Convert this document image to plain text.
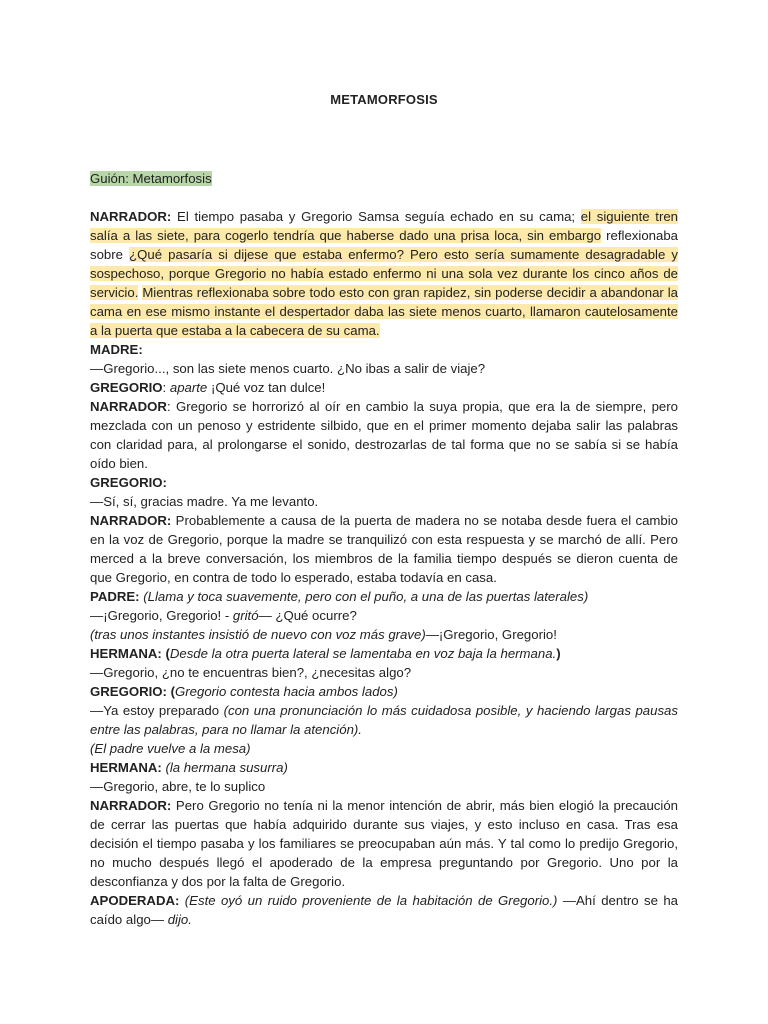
METAMORFOSIS

Guión: Metamorfosis

NARRADOR: El tiempo pasaba y Gregorio Samsa seguía echado en su cama; el siguiente tren salía a las siete, para cogerlo tendría que haberse dado una prisa loca, sin embargo reflexionaba sobre ¿Qué pasaría si dijese que estaba enfermo? Pero esto sería sumamente desagradable y sospechoso, porque Gregorio no había estado enfermo ni una sola vez durante los cinco años de servicio. Mientras reflexionaba sobre todo esto con gran rapidez, sin poderse decidir a abandonar la cama en ese mismo instante el despertador daba las siete menos cuarto, llamaron cautelosamente a la puerta que estaba a la cabecera de su cama.

MADRE:

—Gregorio..., son las siete menos cuarto. ¿No ibas a salir de viaje?

GREGORIO: aparte ¡Qué voz tan dulce!

NARRADOR: Gregorio se horrorizó al oír en cambio la suya propia, que era la de siempre, pero mezclada con un penoso y estridente silbido, que en el primer momento dejaba salir las palabras con claridad para, al prolongarse el sonido, destrozarlas de tal forma que no se sabía si se había oído bien.

GREGORIO:

—Sí, sí, gracias madre. Ya me levanto.

NARRADOR: Probablemente a causa de la puerta de madera no se notaba desde fuera el cambio en la voz de Gregorio, porque la madre se tranquilizó con esta respuesta y se marchó de allí. Pero merced a la breve conversación, los miembros de la familia tiempo después se dieron cuenta de que Gregorio, en contra de todo lo esperado, estaba todavía en casa.

PADRE: (Llama y toca suavemente, pero con el puño, a una de las puertas laterales)

—¡Gregorio, Gregorio! - gritó— ¿Qué ocurre?

(tras unos instantes insistió de nuevo con voz más grave)—¡Gregorio, Gregorio!

HERMANA: (Desde la otra puerta lateral se lamentaba en voz baja la hermana.)

—Gregorio, ¿no te encuentras bien?, ¿necesitas algo?

GREGORIO: (Gregorio contesta hacia ambos lados)

—Ya estoy preparado (con una pronunciación lo más cuidadosa posible, y haciendo largas pausas entre las palabras, para no llamar la atención).

(El padre vuelve a la mesa)

HERMANA: (la hermana susurra)

—Gregorio, abre, te lo suplico

NARRADOR: Pero Gregorio no tenía ni la menor intención de abrir, más bien elogió la precaución de cerrar las puertas que había adquirido durante sus viajes, y esto incluso en casa. Tras esa decisión el tiempo pasaba y los familiares se preocupaban aún más. Y tal como lo predijo Gregorio, no mucho después llegó el apoderado de la empresa preguntando por Gregorio. Uno por la desconfianza y dos por la falta de Gregorio.

APODERADA: (Este oyó un ruido proveniente de la habitación de Gregorio.) —Ahí dentro se ha caído algo— dijo.
